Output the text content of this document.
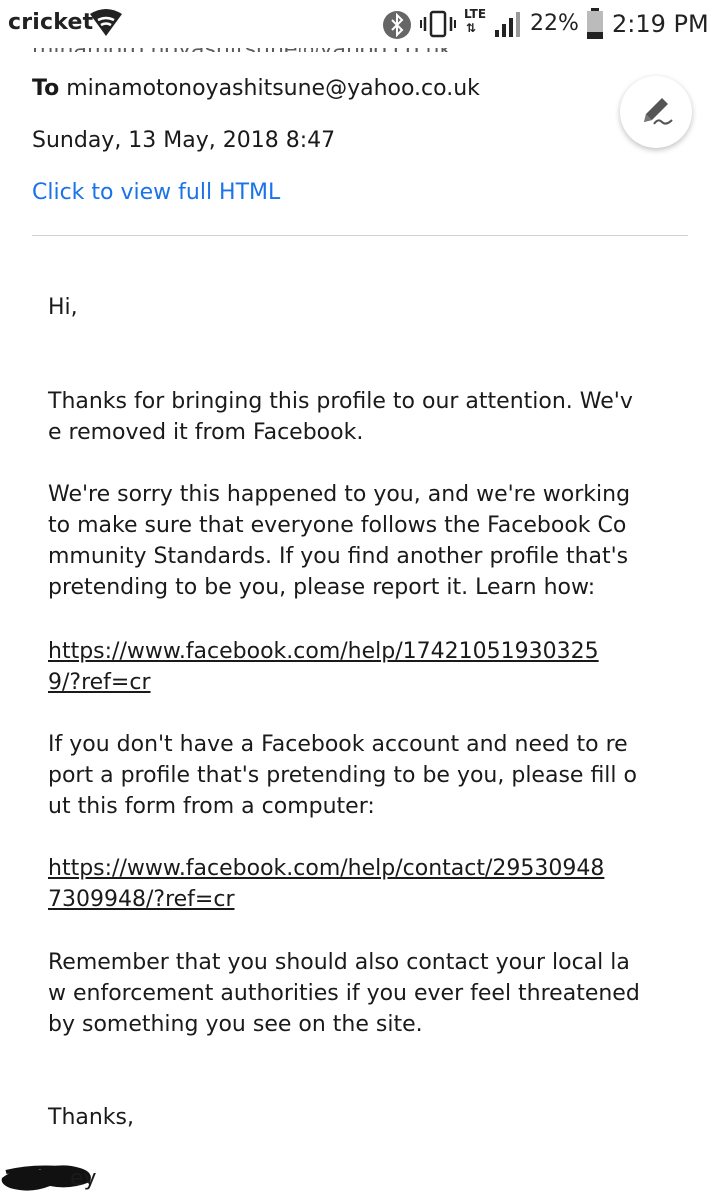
cricket	LTE
⇅ 22% 2:19 PM
To minamotonoyashitsune@yahoo.co.uk
Sunday, 13 May, 2018 8:47
Click to view full HTML
Hi,
Thanks for bringing this profile to our attention. We'v
e removed it from Facebook.
We're sorry this happened to you, and we're working
to make sure that everyone follows the Facebook Co
mmunity Standards. If you find another profile that's
pretending to be you, please report it. Learn how:
https://www.facebook.com/help/17421051930325
9/?ref=cr
If you don't have a Facebook account and need to re
port a profile that's pretending to be you, please fill o
ut this form from a computer:
https://www.facebook.com/help/contact/29530948
7309948/?ref=cr
Remember that you should also contact your local la
w enforcement authorities if you ever feel threatened
by something you see on the site.
Thanks,
ey
